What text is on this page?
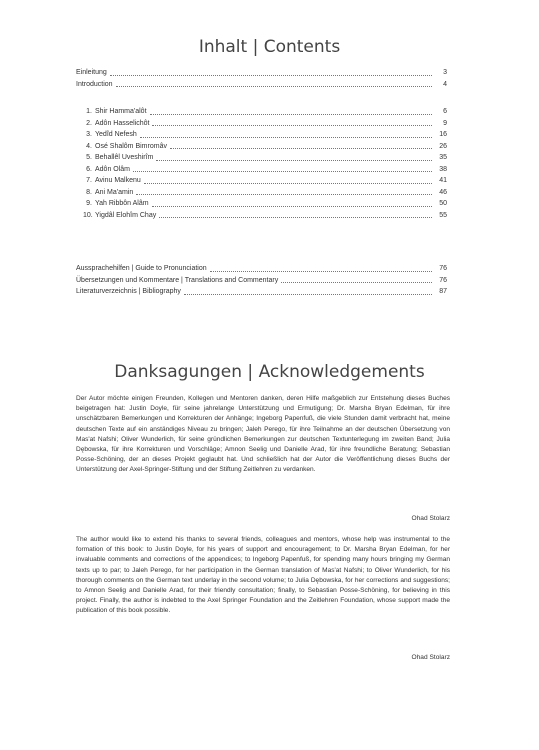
Inhalt | Contents
Einleitung	3
Introduction	4
1. Shir Hamma'alôt	6
2. Adôn Hasselichôt	9
3. Yedîd Nefesh	16
4. Osé Shalôm Bimromâv	26
5. Behallêl Uveshirîm	35
6. Adôn Olâm	38
7. Avinu Malkenu	41
8. Ani Ma'amin	46
9. Yah Ribbôn Alâm	50
10. Yigdâl Elohîm Chay	55
Aussprachehilfen | Guide to Pronunciation	76
Übersetzungen und Kommentare | Translations and Commentary	76
Literaturverzeichnis | Bibliography	87
Danksagungen | Acknowledgements
Der Autor möchte einigen Freunden, Kollegen und Mentoren danken, deren Hilfe maßgeblich zur Entstehung dieses Buches beigetragen hat: Justin Doyle, für seine jahrelange Unterstützung und Ermutigung; Dr. Marsha Bryan Edelman, für ihre unschätzbaren Bemerkungen und Korrekturen der Anhänge; Ingeborg Papenfuß, die viele Stunden damit verbracht hat, meine deutschen Texte auf ein anständiges Niveau zu bringen; Jaleh Perego, für ihre Teilnahme an der deutschen Übersetzung von Mas'at Nafshi; Oliver Wunderlich, für seine gründlichen Bemerkungen zur deutschen Textunterlegung im zweiten Band; Julia Dębowska, für ihre Korrekturen und Vorschläge; Amnon Seelig und Danielle Arad, für ihre freundliche Beratung; Sebastian Posse-Schöning, der an dieses Projekt geglaubt hat. Und schließlich hat der Autor die Veröffentlichung dieses Buchs der Unterstützung der Axel-Springer-Stiftung und der Stiftung Zeitlehren zu verdanken.
Ohad Stolarz
The author would like to extend his thanks to several friends, colleagues and mentors, whose help was instrumental to the formation of this book: to Justin Doyle, for his years of support and encouragement; to Dr. Marsha Bryan Edelman, for her invaluable comments and corrections of the appendices; to Ingeborg Papenfuß, for spending many hours bringing my German texts up to par; to Jaleh Perego, for her participation in the German translation of Mas'at Nafshi; to Oliver Wunderlich, for his thorough comments on the German text underlay in the second volume; to Julia Dębowska, for her corrections and suggestions; to Amnon Seelig and Danielle Arad, for their friendly consultation; finally, to Sebastian Posse-Schöning, for believing in this project. Finally, the author is indebted to the Axel Springer Foundation and the Zeitlehren Foundation, whose support made the publication of this book possible.
Ohad Stolarz
